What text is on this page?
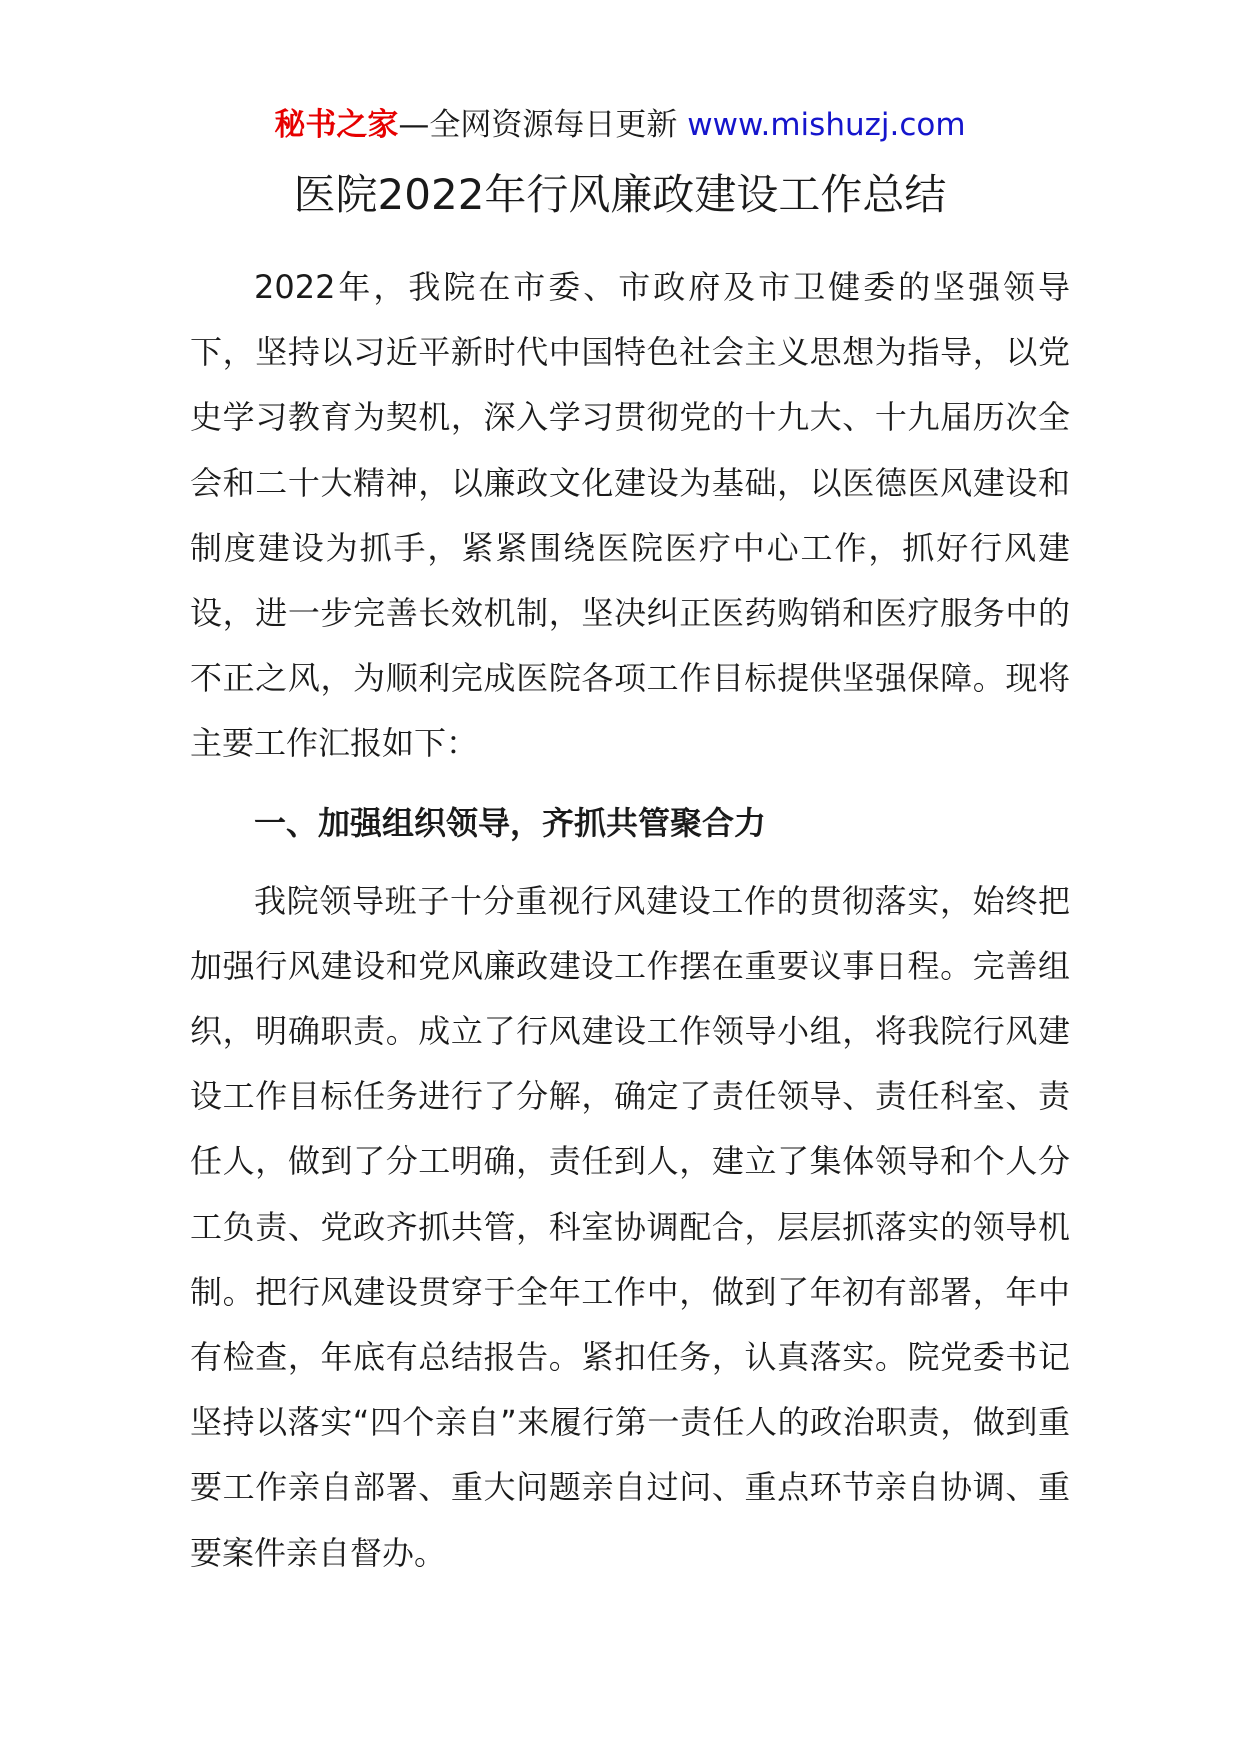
秘书之家—全网资源每日更新 www.mishuzj.com
医院2022年行风廉政建设工作总结

2022年，我院在市委、市政府及市卫健委的坚强领导下，坚持以习近平新时代中国特色社会主义思想为指导，以党史学习教育为契机，深入学习贯彻党的十九大、十九届历次全会和二十大精神，以廉政文化建设为基础，以医德医风建设和制度建设为抓手，紧紧围绕医院医疗中心工作，抓好行风建设，进一步完善长效机制，坚决纠正医药购销和医疗服务中的不正之风，为顺利完成医院各项工作目标提供坚强保障。现将主要工作汇报如下：

一、加强组织领导，齐抓共管聚合力

我院领导班子十分重视行风建设工作的贯彻落实，始终把加强行风建设和党风廉政建设工作摆在重要议事日程。完善组织，明确职责。成立了行风建设工作领导小组，将我院行风建设工作目标任务进行了分解，确定了责任领导、责任科室、责任人，做到了分工明确，责任到人，建立了集体领导和个人分工负责、党政齐抓共管，科室协调配合，层层抓落实的领导机制。把行风建设贯穿于全年工作中，做到了年初有部署，年中有检查，年底有总结报告。紧扣任务，认真落实。院党委书记坚持以落实“四个亲自”来履行第一责任人的政治职责，做到重要工作亲自部署、重大问题亲自过问、重点环节亲自协调、重要案件亲自督办。
